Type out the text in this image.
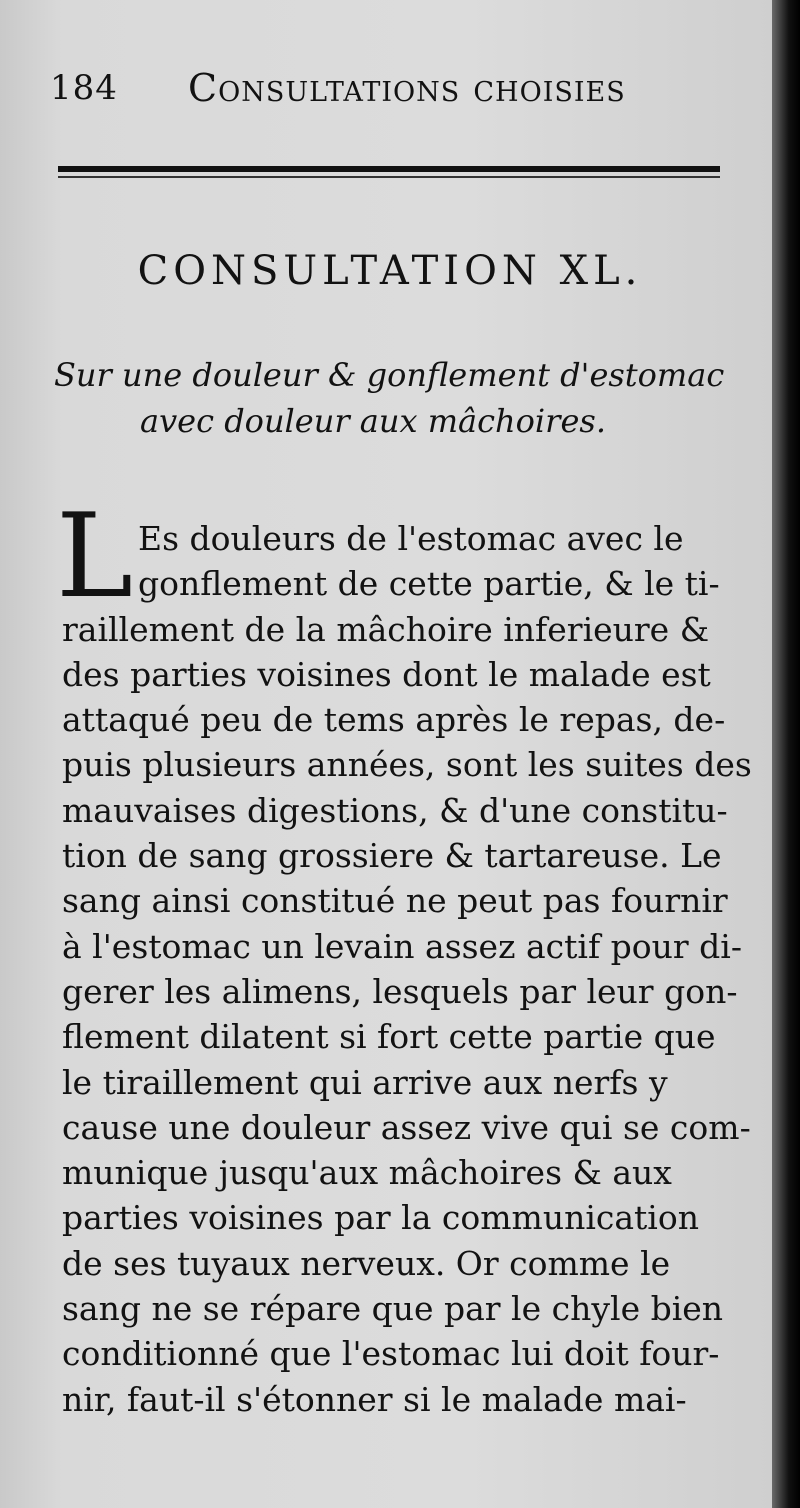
184 Consultations choisies
CONSULTATION XL.
Sur une douleur & gonflement d'estomac
avec douleur aux mâchoires.
L Es douleurs de l'estomac avec le
gonflement de cette partie, & le ti-
raillement de la mâchoire inferieure &
des parties voisines dont le malade est
attaqué peu de tems après le repas, de-
puis plusieurs années, sont les suites des
mauvaises digestions, & d'une constitu-
tion de sang grossiere & tartareuse. Le
sang ainsi constitué ne peut pas fournir
à l'estomac un levain assez actif pour di-
gerer les alimens, lesquels par leur gon-
flement dilatent si fort cette partie que
le tiraillement qui arrive aux nerfs y
cause une douleur assez vive qui se com-
munique jusqu'aux mâchoires & aux
parties voisines par la communication
de ses tuyaux nerveux. Or comme le
sang ne se répare que par le chyle bien
conditionné que l'estomac lui doit four-
nir, faut-il s'étonner si le malade mai-
